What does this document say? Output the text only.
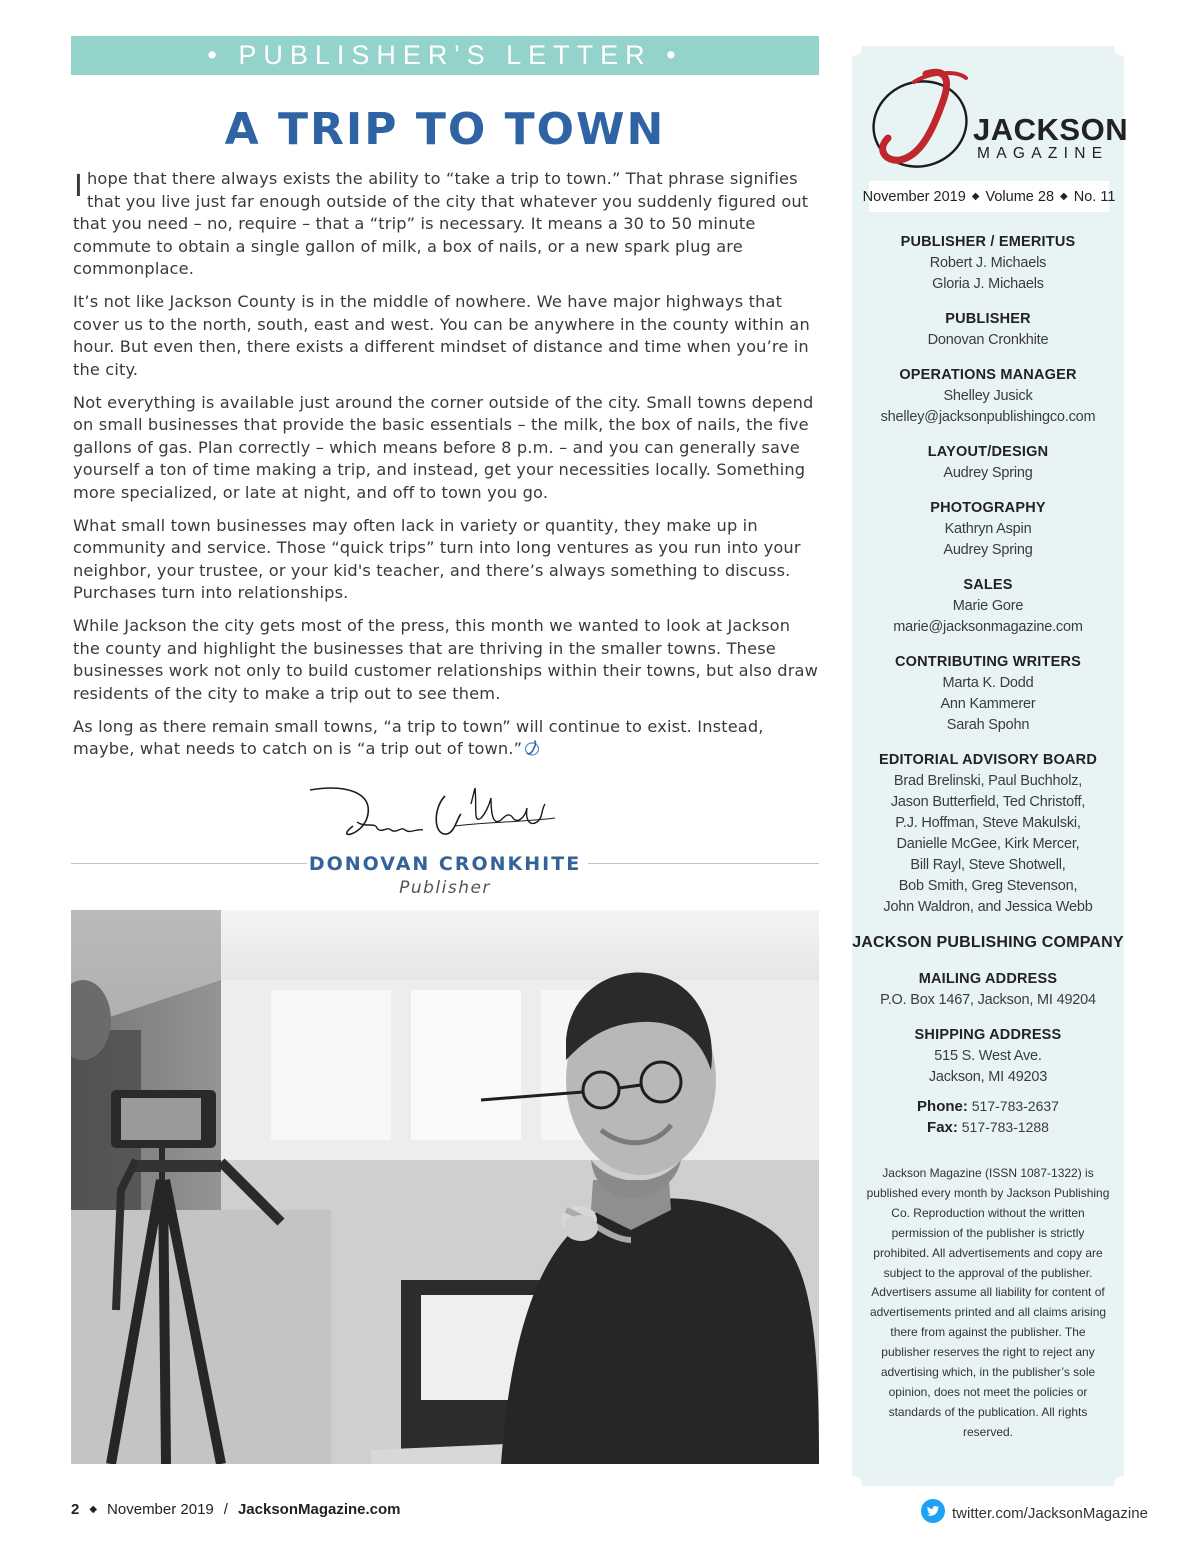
• PUBLISHER'S LETTER •
A TRIP TO TOWN

Ihope that there always exists the ability to “take a trip to town.” That phrase signifies that you live just far enough outside of the city that whatever you suddenly figured out that you need – no, require – that a “trip” is necessary. It means a 30 to 50 minute commute to obtain a single gallon of milk, a box of nails, or a new spark plug are commonplace.

It’s not like Jackson County is in the middle of nowhere. We have major highways that cover us to the north, south, east and west. You can be anywhere in the county within an hour. But even then, there exists a different mindset of distance and time when you’re in the city.

Not everything is available just around the corner outside of the city. Small towns depend on small businesses that provide the basic essentials – the milk, the box of nails, the five gallons of gas. Plan correctly – which means before 8 p.m. – and you can generally save yourself a ton of time making a trip, and instead, get your necessities locally. Something more specialized, or late at night, and off to town you go.

What small town businesses may often lack in variety or quantity, they make up in community and service. Those “quick trips” turn into long ventures as you run into your neighbor, your trustee, or your kid's teacher, and there’s always something to discuss. Purchases turn into relationships.

While Jackson the city gets most of the press, this month we wanted to look at Jackson the county and highlight the businesses that are thriving in the smaller towns. These businesses work not only to build customer relationships within their towns, but also draw residents of the city to make a trip out to see them.

As long as there remain small towns, “a trip to town” will continue to exist. Instead, maybe, what needs to catch on is “a trip out of town.”

DONOVAN CRONKHITE
Publisher
JACKSON
MAGAZINE
November 2019 ◆ Volume 28 ◆ No. 11
PUBLISHER / EMERITUS
Robert J. Michaels
Gloria J. Michaels
PUBLISHER
Donovan Cronkhite
OPERATIONS MANAGER
Shelley Jusick
shelley@jacksonpublishingco.com
LAYOUT/DESIGN
Audrey Spring
PHOTOGRAPHY
Kathryn Aspin
Audrey Spring
SALES
Marie Gore
marie@jacksonmagazine.com
CONTRIBUTING WRITERS
Marta K. Dodd
Ann Kammerer
Sarah Spohn
EDITORIAL ADVISORY BOARD
Brad Brelinski, Paul Buchholz,
Jason Butterfield, Ted Christoff,
P.J. Hoffman, Steve Makulski,
Danielle McGee, Kirk Mercer,
Bill Rayl, Steve Shotwell,
Bob Smith, Greg Stevenson,
John Waldron, and Jessica Webb
JACKSON PUBLISHING COMPANY
MAILING ADDRESS
P.O. Box 1467, Jackson, MI 49204
SHIPPING ADDRESS
515 S. West Ave.
Jackson, MI 49203
Phone: 517-783-2637
Fax: 517-783-1288
Jackson Magazine (ISSN 1087-1322) is published every month by Jackson Publishing Co. Reproduction without the written permission of the publisher is strictly prohibited. All advertisements and copy are subject to the approval of the publisher. Advertisers assume all liability for content of advertisements printed and all claims arising there from against the publisher. The publisher reserves the right to reject any advertising which, in the publisher’s sole opinion, does not meet the policies or standards of the publication. All rights reserved.
2 ◆ November 2019 / JacksonMagazine.com	twitter.com/JacksonMagazine
